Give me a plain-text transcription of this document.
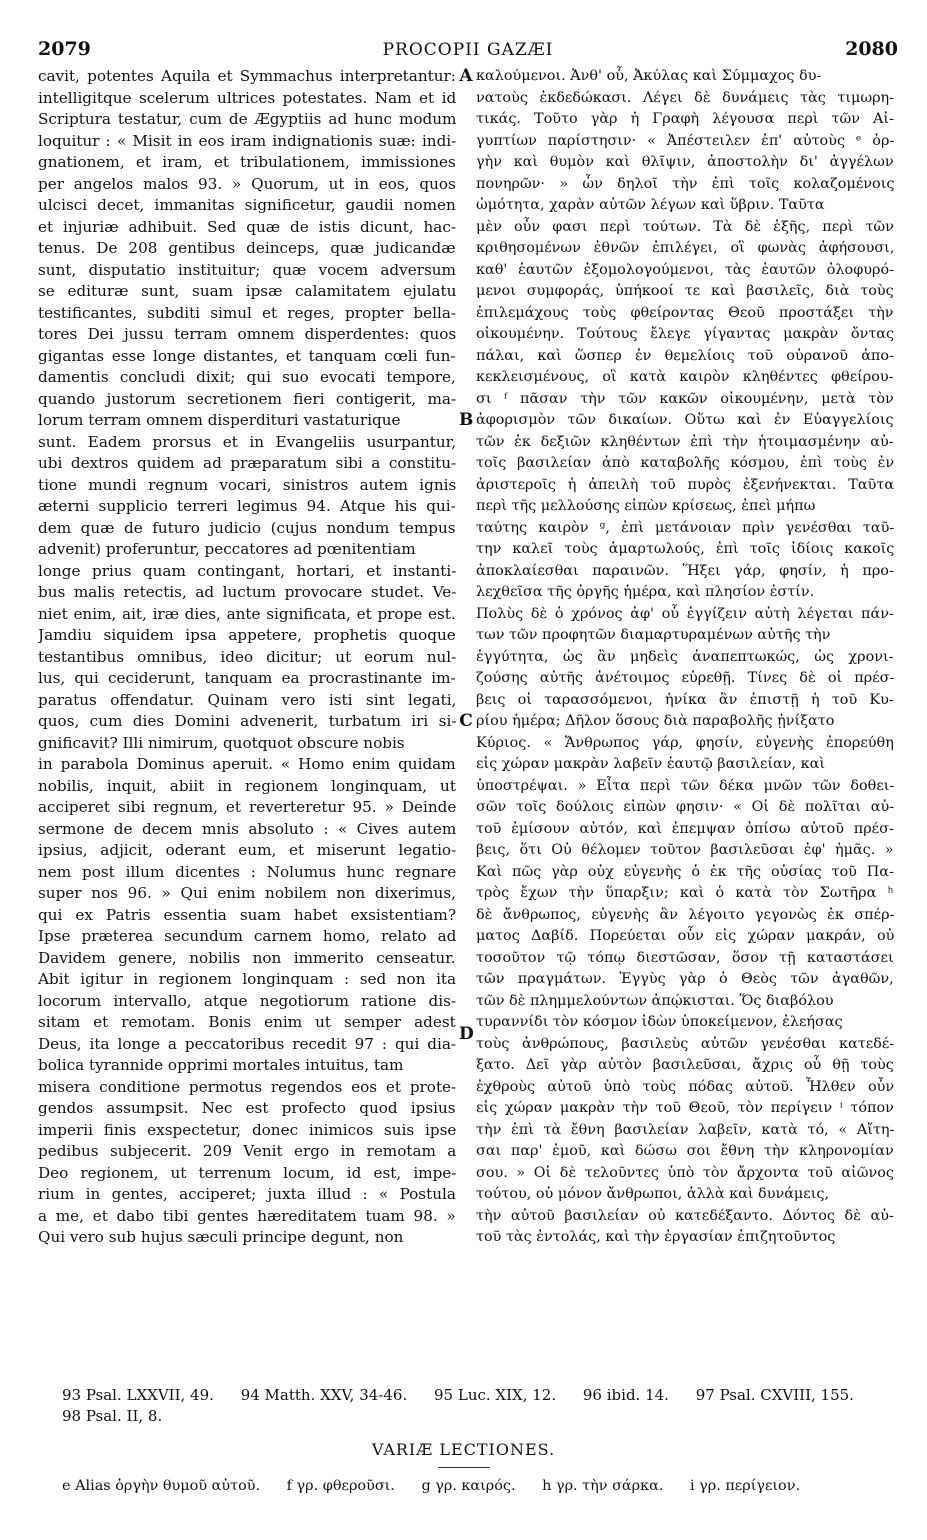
2079	PROCOPII GAZÆI	2080
cavit, potentes Aquila et Symmachus interpretantur:
intelligitque scelerum ultrices potestates. Nam et id
Scriptura testatur, cum de Ægyptiis ad hunc modum
loquitur : « Misit in eos iram indignationis suæ: indi-
gnationem, et iram, et tribulationem, immissiones
per angelos malos 93. » Quorum, ut in eos, quos
ulcisci decet, immanitas significetur, gaudii nomen
et injuriæ adhibuit. Sed quæ de istis dicunt, hac-
tenus. De 208 gentibus deinceps, quæ judicandæ
sunt, disputatio instituitur; quæ vocem adversum
se edituræ sunt, suam ipsæ calamitatem ejulatu
testificantes, subditi simul et reges, propter bella-
tores Dei jussu terram omnem disperdentes: quos
gigantas esse longe distantes, et tanquam cœli fun-
damentis concludi dixit; qui suo evocati tempore,
quando justorum secretionem fieri contigerit, ma-
lorum terram omnem disperdituri vastaturique
sunt. Eadem prorsus et in Evangeliis usurpantur,
ubi dextros quidem ad præparatum sibi a constitu-
tione mundi regnum vocari, sinistros autem ignis
æterni supplicio terreri legimus 94. Atque his qui-
dem quæ de futuro judicio (cujus nondum tempus
advenit) proferuntur, peccatores ad pœnitentiam
longe prius quam contingant, hortari, et instanti-
bus malis retectis, ad luctum provocare studet. Ve-
niet enim, ait, iræ dies, ante significata, et prope est.
Jamdiu siquidem ipsa appetere, prophetis quoque
testantibus omnibus, ideo dicitur; ut eorum nul-
lus, qui ceciderunt, tanquam ea procrastinante im-
paratus offendatur. Quinam vero isti sint legati,
quos, cum dies Domini advenerit, turbatum iri si-
gnificavit? Illi nimirum, quotquot obscure nobis
in parabola Dominus aperuit. « Homo enim quidam
nobilis, inquit, abiit in regionem longinquam, ut
acciperet sibi regnum, et reverteretur 95. » Deinde
sermone de decem mnis absoluto : « Cives autem
ipsius, adjicit, oderant eum, et miserunt legatio-
nem post illum dicentes : Nolumus hunc regnare
super nos 96. » Qui enim nobilem non dixerimus,
qui ex Patris essentia suam habet exsistentiam?
Ipse præterea secundum carnem homo, relato ad
Davidem genere, nobilis non immerito censeatur.
Abit igitur in regionem longinquam : sed non ita
locorum intervallo, atque negotiorum ratione dis-
sitam et remotam. Bonis enim ut semper adest
Deus, ita longe a peccatoribus recedit 97 : qui dia-
bolica tyrannide opprimi mortales intuitus, tam
misera conditione permotus regendos eos et prote-
gendos assumpsit. Nec est profecto quod ipsius
imperii finis exspectetur, donec inimicos suis ipse
pedibus subjecerit. 209 Venit ergo in remotam a
Deo regionem, ut terrenum locum, id est, impe-
rium in gentes, acciperet; juxta illud : « Postula
a me, et dabo tibi gentes hæreditatem tuam 98. »
Qui vero sub hujus sæculi principe degunt, non
καλούμενοι. Ἀνθ' οὗ, Ἀκύλας καὶ Σύμμαχος δυ-
νατοὺς ἐκδεδώκασι. Λέγει δὲ δυνάμεις τὰς τιμωρη-
τικάς. Τοῦτο γὰρ ἡ Γραφὴ λέγουσα περὶ τῶν Αἰ-
γυπτίων παρίστησιν· « Ἀπέστειλεν ἐπ' αὐτοὺς ᵉ ὀρ-
γὴν καὶ θυμὸν καὶ θλῖψιν, ἀποστολὴν δι' ἀγγέλων
πονηρῶν· » ὧν δηλοῖ τὴν ἐπὶ τοῖς κολαζομένοις
ὠμότητα, χαρὰν αὐτῶν λέγων καὶ ὕβριν. Ταῦτα
μὲν οὖν φασι περὶ τούτων. Τὰ δὲ ἑξῆς, περὶ τῶν
κριθησομένων ἐθνῶν ἐπιλέγει, οἳ φωνὰς ἀφήσουσι,
καθ' ἑαυτῶν ἐξομολογούμενοι, τὰς ἑαυτῶν ὀλοφυρό-
μενοι συμφοράς, ὑπήκοοί τε καὶ βασιλεῖς, διὰ τοὺς
ἐπιλεμάχους τοὺς φθείροντας Θεοῦ προστάξει τὴν
οἰκουμένην. Τούτους ἔλεγε γίγαντας μακρὰν ὄντας
πάλαι, καὶ ὥσπερ ἐν θεμελίοις τοῦ οὐρανοῦ ἀπο-
κεκλεισμένους, οἳ κατὰ καιρὸν κληθέντες φθείρου-
σι ᶠ πᾶσαν τὴν τῶν κακῶν οἰκουμένην, μετὰ τὸν
ἀφορισμὸν τῶν δικαίων. Οὕτω καὶ ἐν Εὐαγγελίοις
τῶν ἐκ δεξιῶν κληθέντων ἐπὶ τὴν ἡτοιμασμένην αὐ-
τοῖς βασιλείαν ἀπὸ καταβολῆς κόσμου, ἐπὶ τοὺς ἐν
ἀριστεροῖς ἡ ἀπειλὴ τοῦ πυρὸς ἐξενήνεκται. Ταῦτα
περὶ τῆς μελλούσης εἰπὼν κρίσεως, ἐπεὶ μήπω
ταύτης καιρὸν ᵍ, ἐπὶ μετάνοιαν πρὶν γενέσθαι ταῦ-
την καλεῖ τοὺς ἁμαρτωλούς, ἐπὶ τοῖς ἰδίοις κακοῖς
ἀποκλαίεσθαι παραινῶν. Ἥξει γάρ, φησίν, ἡ προ-
λεχθεῖσα τῆς ὀργῆς ἡμέρα, καὶ πλησίον ἐστίν.
Πολὺς δὲ ὁ χρόνος ἀφ' οὗ ἐγγίζειν αὐτὴ λέγεται πάν-
των τῶν προφητῶν διαμαρτυραμένων αὐτῆς τὴν
ἐγγύτητα, ὡς ἂν μηδεὶς ἀναπεπτωκώς, ὡς χρονι-
ζούσης αὐτῆς ἀνέτοιμος εὑρεθῇ. Τίνες δὲ οἱ πρέσ-
βεις οἱ ταρασσόμενοι, ἡνίκα ἂν ἐπιστῇ ἡ τοῦ Κυ-
ρίου ἡμέρα; Δῆλον ὅσους διὰ παραβολῆς ᾐνίξατο
Κύριος. « Ἄνθρωπος γάρ, φησίν, εὐγενὴς ἐπορεύθη
εἰς χώραν μακρὰν λαβεῖν ἑαυτῷ βασιλείαν, καὶ
ὑποστρέψαι. » Εἶτα περὶ τῶν δέκα μνῶν τῶν δοθει-
σῶν τοῖς δούλοις εἰπὼν φησιν· « Οἱ δὲ πολῖται αὐ-
τοῦ ἐμίσουν αὐτόν, καὶ ἐπεμψαν ὀπίσω αὐτοῦ πρέσ-
βεις, ὅτι Οὐ θέλομεν τοῦτον βασιλεῦσαι ἐφ' ἡμᾶς. »
Καὶ πῶς γὰρ οὐχ εὐγενὴς ὁ ἐκ τῆς οὐσίας τοῦ Πα-
τρὸς ἔχων τὴν ὕπαρξιν; καὶ ὁ κατὰ τὸν Σωτῆρα ʰ
δὲ ἄνθρωπος, εὐγενὴς ἂν λέγοιτο γεγονὼς ἐκ σπέρ-
ματος Δαβίδ. Πορεύεται οὖν εἰς χώραν μακράν, οὐ
τοσοῦτον τῷ τόπῳ διεστῶσαν, ὅσον τῇ καταστάσει
τῶν πραγμάτων. Ἐγγὺς γὰρ ὁ Θεὸς τῶν ἀγαθῶν,
τῶν δὲ πλημμελούντων ἀπῴκισται. Ὅς διαβόλου
τυραννίδι τὸν κόσμον ἰδὼν ὑποκείμενον, ἐλεήσας
τοὺς ἀνθρώπους, βασιλεὺς αὐτῶν γενέσθαι κατεδέ-
ξατο. Δεῖ γὰρ αὐτὸν βασιλεῦσαι, ἄχρις οὗ θῇ τοὺς
ἐχθροὺς αὐτοῦ ὑπὸ τοὺς πόδας αὐτοῦ. Ἦλθεν οὖν
εἰς χώραν μακρὰν τὴν τοῦ Θεοῦ, τὸν περίγειν ⁱ τόπον
τὴν ἐπὶ τὰ ἔθνη βασιλείαν λαβεῖν, κατὰ τό, « Αἴτη-
σαι παρ' ἐμοῦ, καὶ δώσω σοι ἔθνη τὴν κληρονομίαν
σου. » Οἱ δὲ τελοῦντες ὑπὸ τὸν ἄρχοντα τοῦ αἰῶνος
τούτου, οὐ μόνον ἄνθρωποι, ἀλλὰ καὶ δυνάμεις,
τὴν αὐτοῦ βασιλείαν οὐ κατεδέξαντο. Δόντος δὲ αὐ-
τοῦ τὰς ἐντολάς, καὶ τὴν ἐργασίαν ἐπιζητοῦντος
A
B
C
D
93 Psal. LXXVII, 49. 94 Matth. XXV, 34-46. 95 Luc. XIX, 12. 96 ibid. 14. 97 Psal. CXVIII, 155.
98 Psal. II, 8.
VARIÆ LECTIONES.
e Alias ὀργὴν θυμοῦ αὐτοῦ. f γρ. φθεροῦσι. g γρ. καιρός. h γρ. τὴν σάρκα. i γρ. περίγειον.
